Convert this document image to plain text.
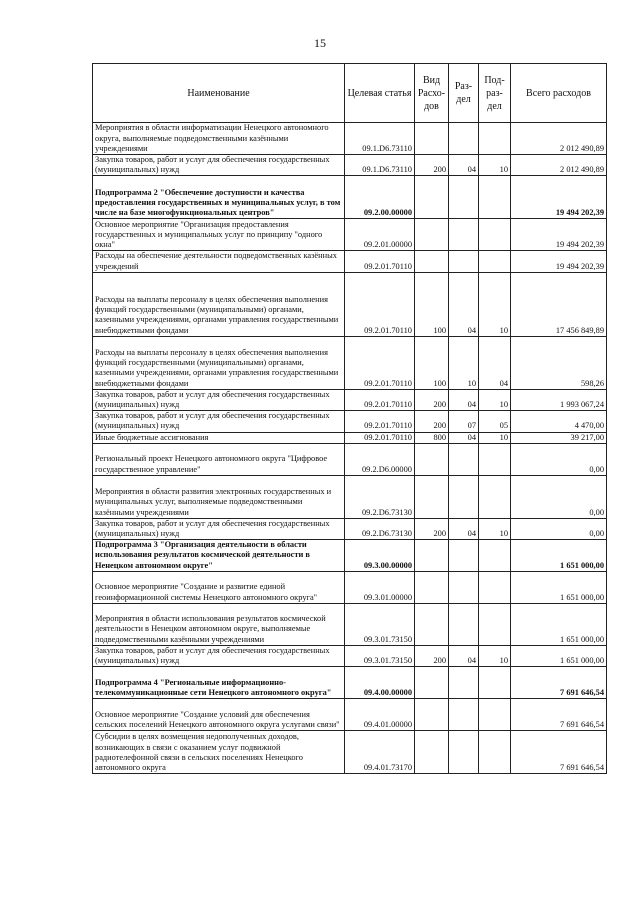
15
Наименование	Целевая статья	Вид Расхо- дов	Раз- дел	Под- раз- дел	Всего расходов
Мероприятия в области информатизации Ненецкого автономного округа, выполняемые подведомственными казёнными учреждениями	09.1.D6.73110				2 012 490,89
Закупка товаров, работ и услуг для обеспечения государственных (муниципальных) нужд	09.1.D6.73110	200	04	10	2 012 490,89
Подпрограмма 2 "Обеспечение доступности и качества предоставления государственных и муниципальных услуг, в том числе на базе многофункциональных центров"	09.2.00.00000				19 494 202,39
Основное мероприятие "Организация предоставления государственных и муниципальных услуг по принципу "одного окна"	09.2.01.00000				19 494 202,39
Расходы на обеспечение деятельности подведомственных казённых учреждений	09.2.01.70110				19 494 202,39
Расходы на выплаты персоналу в целях обеспечения выполнения функций государственными (муниципальными) органами, казенными учреждениями, органами управления государственными внебюджетными фондами	09.2.01.70110	100	04	10	17 456 849,89
Расходы на выплаты персоналу в целях обеспечения выполнения функций государственными (муниципальными) органами, казенными учреждениями, органами управления государственными внебюджетными фондами	09.2.01.70110	100	10	04	598,26
Закупка товаров, работ и услуг для обеспечения государственных (муниципальных) нужд	09.2.01.70110	200	04	10	1 993 067,24
Закупка товаров, работ и услуг для обеспечения государственных (муниципальных) нужд	09.2.01.70110	200	07	05	4 470,00
Иные бюджетные ассигнования	09.2.01.70110	800	04	10	39 217,00
Региональный проект Ненецкого автономного округа "Цифровое государственное управление"	09.2.D6.00000				0,00
Мероприятия в области развития электронных государственных и муниципальных услуг, выполняемые подведомственными казёнными учреждениями	09.2.D6.73130				0,00
Закупка товаров, работ и услуг для обеспечения государственных (муниципальных) нужд	09.2.D6.73130	200	04	10	0,00
Подпрограмма 3 "Организация деятельности в области использования результатов космической деятельности в Ненецком автономном округе"	09.3.00.00000				1 651 000,00
Основное мероприятие "Создание и развитие единой геоинформационной системы Ненецкого автономного округа"	09.3.01.00000				1 651 000,00
Мероприятия в области использования результатов космической деятельности в Ненецком автономном округе, выполняемые подведомственными казёнными учреждениями	09.3.01.73150				1 651 000,00
Закупка товаров, работ и услуг для обеспечения государственных (муниципальных) нужд	09.3.01.73150	200	04	10	1 651 000,00
Подпрограмма 4 "Региональные информационно-телекоммуникационные сети Ненецкого автономного округа"	09.4.00.00000				7 691 646,54
Основное мероприятие "Создание условий для обеспечения сельских поселений Ненецкого автономного округа услугами связи"	09.4.01.00000				7 691 646,54
Субсидии в целях возмещения недополученных доходов, возникающих в связи с оказанием услуг подвижной радиотелефонной связи в сельских поселениях Ненецкого автономного округа	09.4.01.73170				7 691 646,54
